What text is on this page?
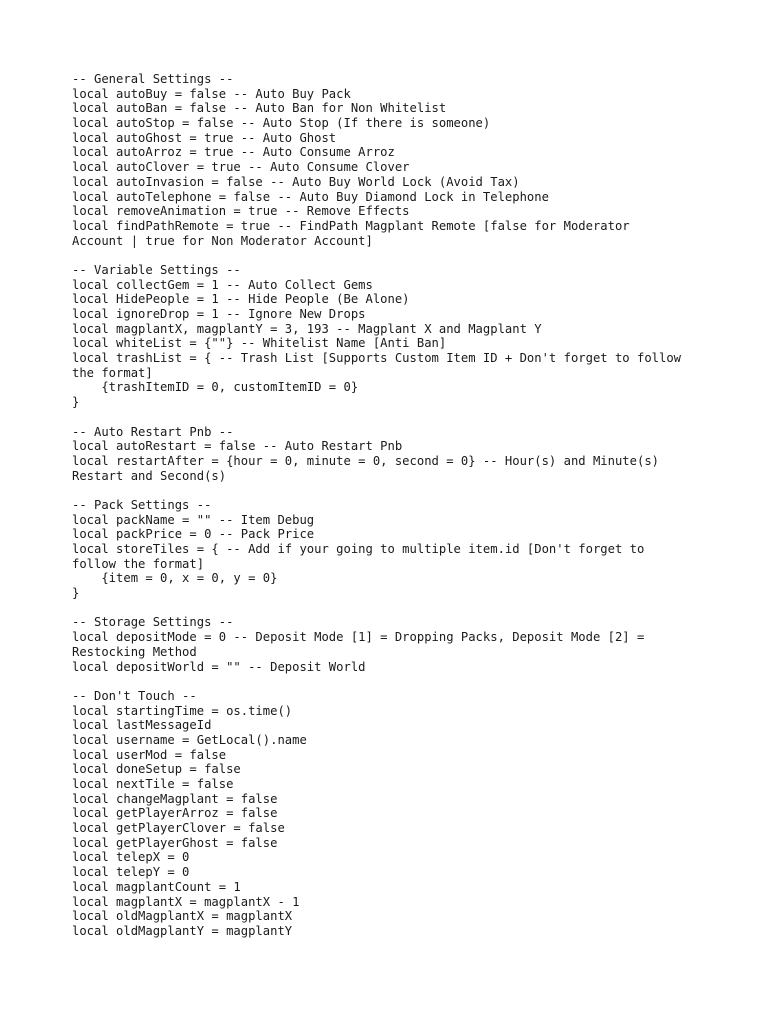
-- General Settings --
local autoBuy = false -- Auto Buy Pack
local autoBan = false -- Auto Ban for Non Whitelist
local autoStop = false -- Auto Stop (If there is someone)
local autoGhost = true -- Auto Ghost
local autoArroz = true -- Auto Consume Arroz
local autoClover = true -- Auto Consume Clover
local autoInvasion = false -- Auto Buy World Lock (Avoid Tax)
local autoTelephone = false -- Auto Buy Diamond Lock in Telephone
local removeAnimation = true -- Remove Effects
local findPathRemote = true -- FindPath Magplant Remote [false for Moderator
Account | true for Non Moderator Account]
-- Variable Settings --
local collectGem = 1 -- Auto Collect Gems
local HidePeople = 1 -- Hide People (Be Alone)
local ignoreDrop = 1 -- Ignore New Drops
local magplantX, magplantY = 3, 193 -- Magplant X and Magplant Y
local whiteList = {""} -- Whitelist Name [Anti Ban]
local trashList = { -- Trash List [Supports Custom Item ID + Don't forget to follow
the format]
{trashItemID = 0, customItemID = 0}
}
-- Auto Restart Pnb --
local autoRestart = false -- Auto Restart Pnb
local restartAfter = {hour = 0, minute = 0, second = 0} -- Hour(s) and Minute(s)
Restart and Second(s)
-- Pack Settings --
local packName = "" -- Item Debug
local packPrice = 0 -- Pack Price
local storeTiles = { -- Add if your going to multiple item.id [Don't forget to
follow the format]
{item = 0, x = 0, y = 0}
}
-- Storage Settings --
local depositMode = 0 -- Deposit Mode [1] = Dropping Packs, Deposit Mode [2] =
Restocking Method
local depositWorld = "" -- Deposit World
-- Don't Touch --
local startingTime = os.time()
local lastMessageId
local username = GetLocal().name
local userMod = false
local doneSetup = false
local nextTile = false
local changeMagplant = false
local getPlayerArroz = false
local getPlayerClover = false
local getPlayerGhost = false
local telepX = 0
local telepY = 0
local magplantCount = 1
local magplantX = magplantX - 1
local oldMagplantX = magplantX
local oldMagplantY = magplantY
